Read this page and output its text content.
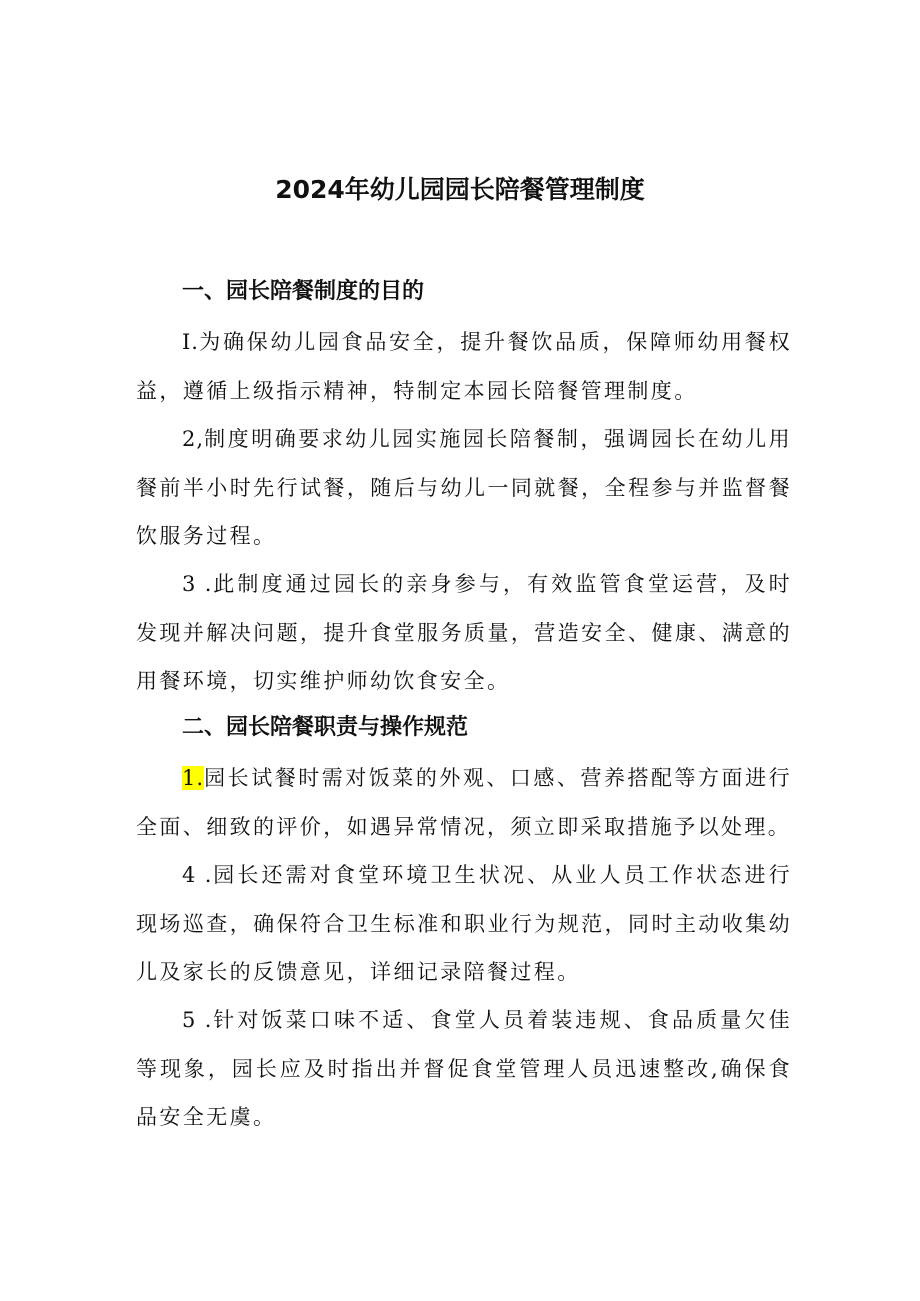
2024年幼儿园园长陪餐管理制度
一、园长陪餐制度的目的

I.为确保幼儿园食品安全，提升餐饮品质，保障师幼用餐权益，遵循上级指示精神，特制定本园长陪餐管理制度。

2,制度明确要求幼儿园实施园长陪餐制，强调园长在幼儿用餐前半小时先行试餐，随后与幼儿一同就餐，全程参与并监督餐饮服务过程。

3 .此制度通过园长的亲身参与，有效监管食堂运营，及时发现并解决问题，提升食堂服务质量，营造安全、健康、满意的用餐环境，切实维护师幼饮食安全。

二、园长陪餐职责与操作规范

1.园长试餐时需对饭菜的外观、口感、营养搭配等方面进行全面、细致的评价，如遇异常情况，须立即采取措施予以处理。

4 .园长还需对食堂环境卫生状况、从业人员工作状态进行现场巡查，确保符合卫生标准和职业行为规范，同时主动收集幼儿及家长的反馈意见，详细记录陪餐过程。

5 .针对饭菜口味不适、食堂人员着装违规、食品质量欠佳等现象，园长应及时指出并督促食堂管理人员迅速整改,确保食品安全无虞。
